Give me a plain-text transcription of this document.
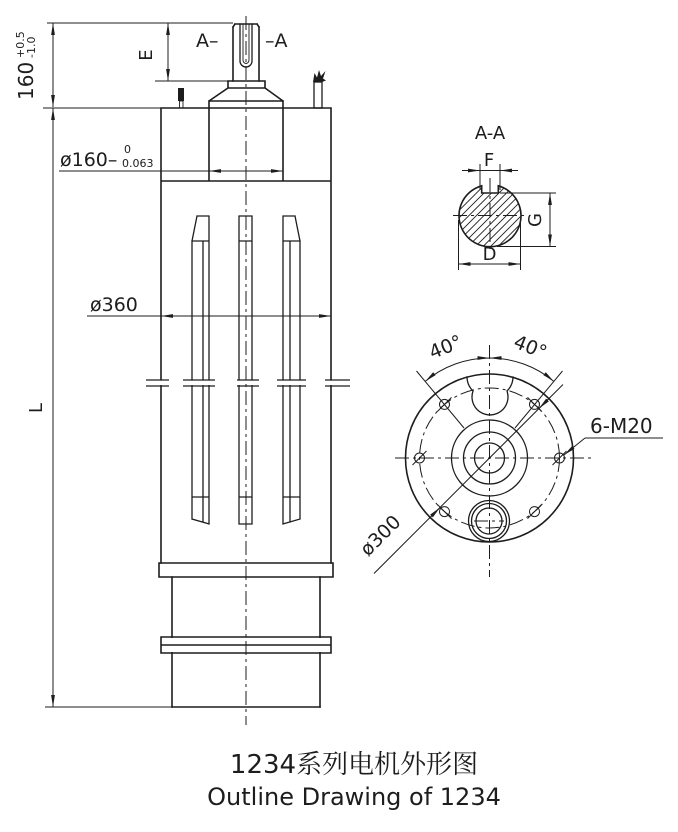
160
+0.5
-1.0	E
A– –A
ø160– 0
0.063
ø360
L
A-A
F
G
D
40° 40°
ø300
6-M20
1234系列电机外形图
Outline Drawing of 1234
